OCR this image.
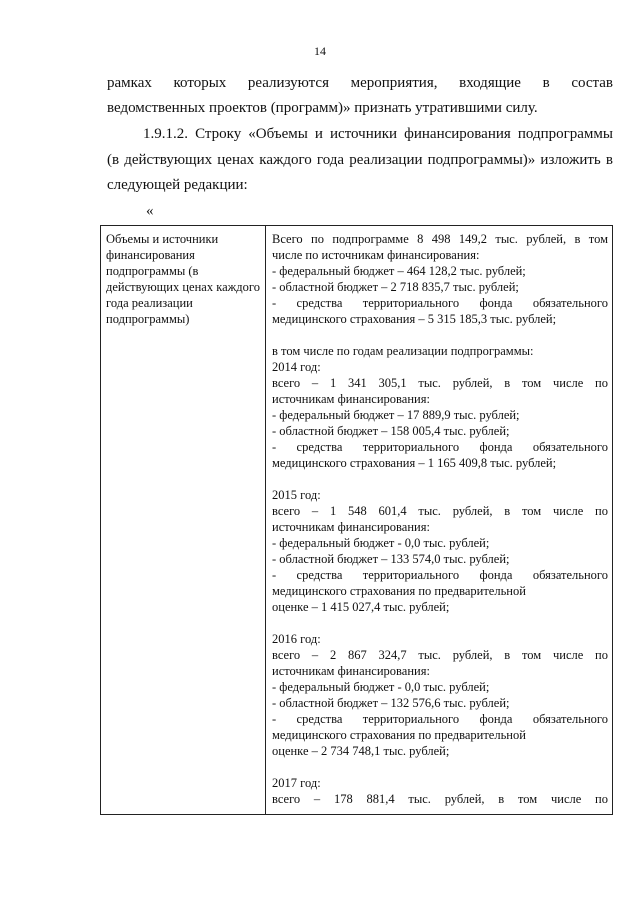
14
рамках которых реализуются мероприятия, входящие в состав
ведомственных проектов (программ)» признать утратившими силу.
1.9.1.2. Строку «Объемы и источники финансирования подпрограммы
(в действующих ценах каждого года реализации подпрограммы)» изложить в
следующей редакции:
«
Объемы и источники финансирования подпрограммы (в действующих ценах каждого года реализации подпрограммы)
Всего по подпрограмме 8 498 149,2 тыс. рублей, в том
числе по источникам финансирования:
- федеральный бюджет – 464 128,2 тыс. рублей;
- областной бюджет – 2 718 835,7 тыс. рублей;
- средства территориального фонда обязательного
медицинского страхования – 5 315 185,3 тыс. рублей;
в том числе по годам реализации подпрограммы:
2014 год:
всего – 1 341 305,1 тыс. рублей, в том числе по
источникам финансирования:
- федеральный бюджет – 17 889,9 тыс. рублей;
- областной бюджет – 158 005,4 тыс. рублей;
- средства территориального фонда обязательного
медицинского страхования – 1 165 409,8 тыс. рублей;
2015 год:
всего – 1 548 601,4 тыс. рублей, в том числе по
источникам финансирования:
- федеральный бюджет - 0,0 тыс. рублей;
- областной бюджет – 133 574,0 тыс. рублей;
- средства территориального фонда обязательного
медицинского страхования по предварительной
оценке – 1 415 027,4 тыс. рублей;
2016 год:
всего – 2 867 324,7 тыс. рублей, в том числе по
источникам финансирования:
- федеральный бюджет - 0,0 тыс. рублей;
- областной бюджет – 132 576,6 тыс. рублей;
- средства территориального фонда обязательного
медицинского страхования по предварительной
оценке – 2 734 748,1 тыс. рублей;
2017 год:
всего – 178 881,4 тыс. рублей, в том числе по
